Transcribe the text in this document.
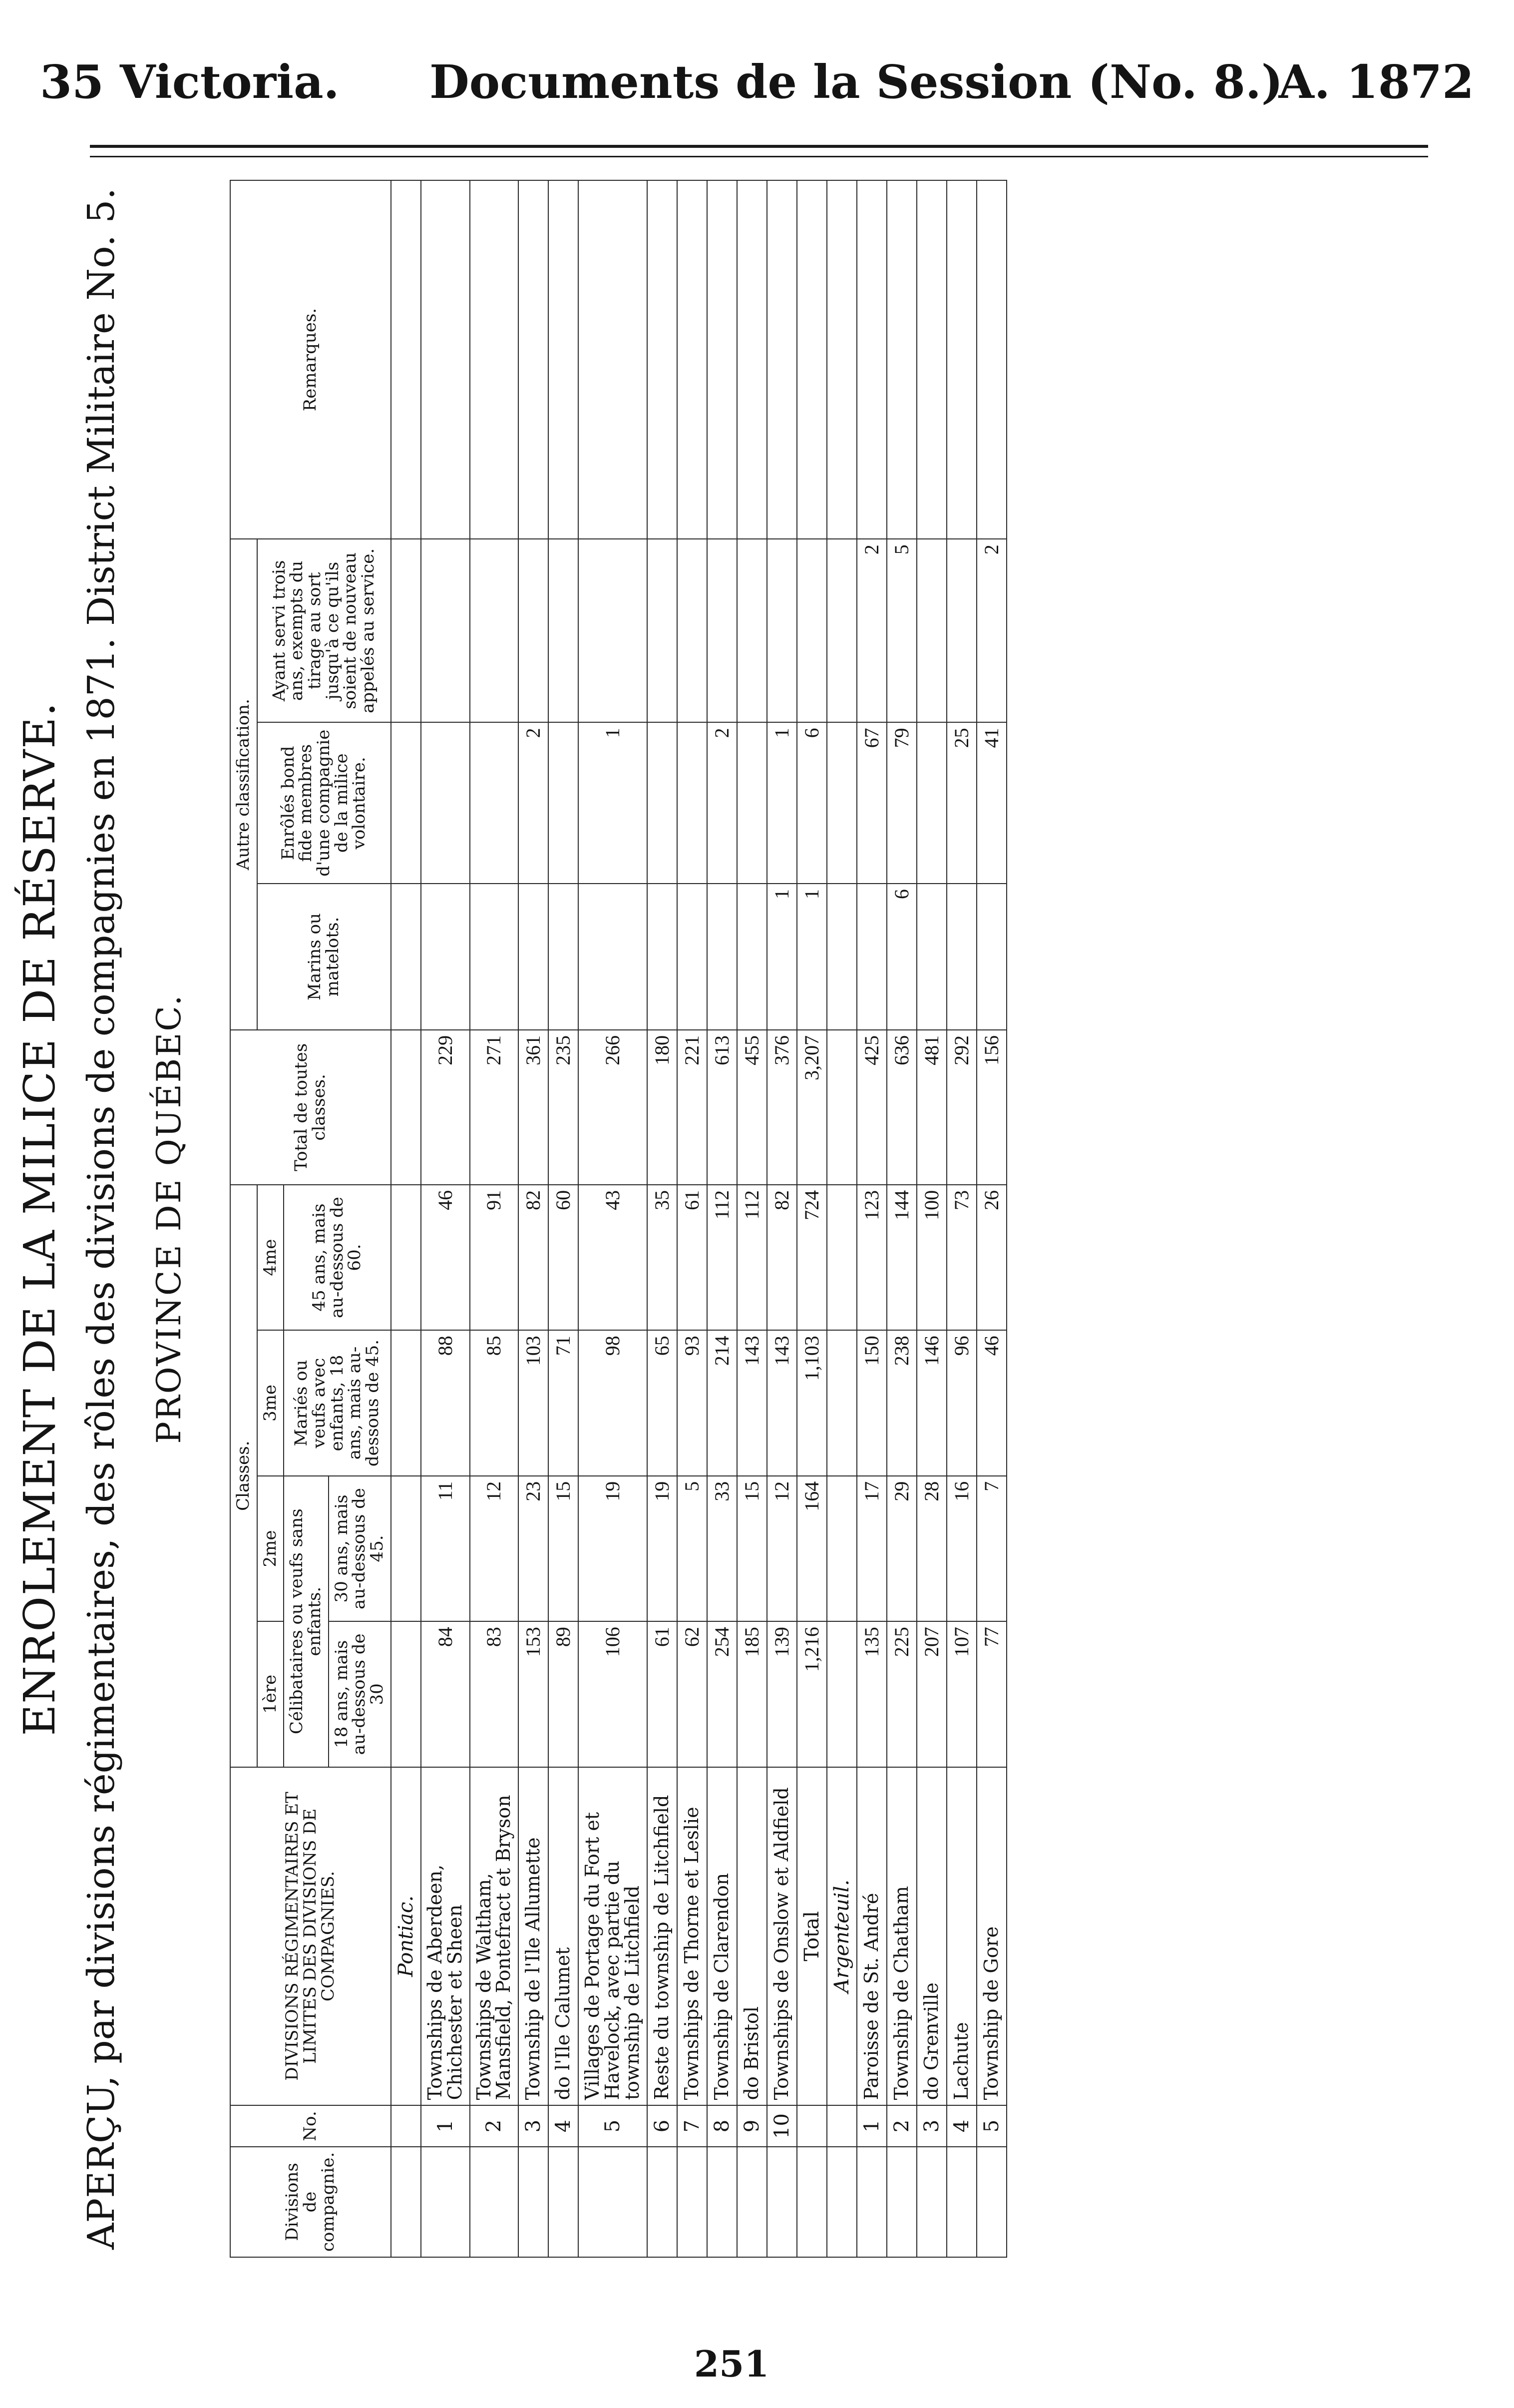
35 Victoria. Documents de la Session (No. 8.)
A. 1872
ENROLEMENT DE LA MILICE DE RÉSERVE. APERÇU, par divisions régimentaires, des rôles des divisions de compagnies en 1871. District Militaire No. 5. PROVINCE DE QUÉBEC.
Divisions de compagnie.	No.	DIVISIONS RÉGIMENTAIRES ET LIMITES DES DIVISIONS DE COMPAGNIES.	Classes.				Total de toutes classes.	Autre classification.			Remarques.
			1ère	2me	3me	4me		Marins ou matelots.	Enrôlés bond fide membres d'une compagnie de la milice volontaire.	Ayant servi trois ans, exempts du tirage au sort jusqu'à ce qu'ils soient de nouveau appelés au service.	
			Célibataires ou veufs sans enfants.		Mariés ou veufs avec enfants, 18 ans, mais au-dessous de 45.	45 ans, mais au-dessous de 60.					
			18 ans, mais au-dessous de 30	30 ans, mais au-dessous de 45.							
		Pontiac.									
	1	Townships de Aberdeen, Chichester et Sheen	84	11	88	46	229				
	2	Townships de Waltham, Mansfield, Pontefract et Bryson	83	12	85	91	271				
	3	Township de l'Ile Allumette	153	23	103	82	361		2		
	4	do l'Ile Calumet	89	15	71	60	235				
	5	Villages de Portage du Fort et Havelock, avec partie du township de Litchfield	106	19	98	43	266		1		
	6	Reste du township de Litchfield	61	19	65	35	180				
	7	Townships de Thorne et Leslie	62	5	93	61	221				
	8	Township de Clarendon	254	33	214	112	613		2		
	9	do Bristol	185	15	143	112	455				
	10	Townships de Onslow et Aldfield	139	12	143	82	376	1	1		
		Total	1,216	164	1,103	724	3,207	1	6		
		Argenteuil.									
	1	Paroisse de St. André	135	17	150	123	425		67	2	
	2	Township de Chatham	225	29	238	144	636	6	79	5	
	3	do Grenville	207	28	146	100	481				
	4	Lachute	107	16	96	73	292		25		
	5	Township de Gore	77	7	46	26	156		41	2	
251
